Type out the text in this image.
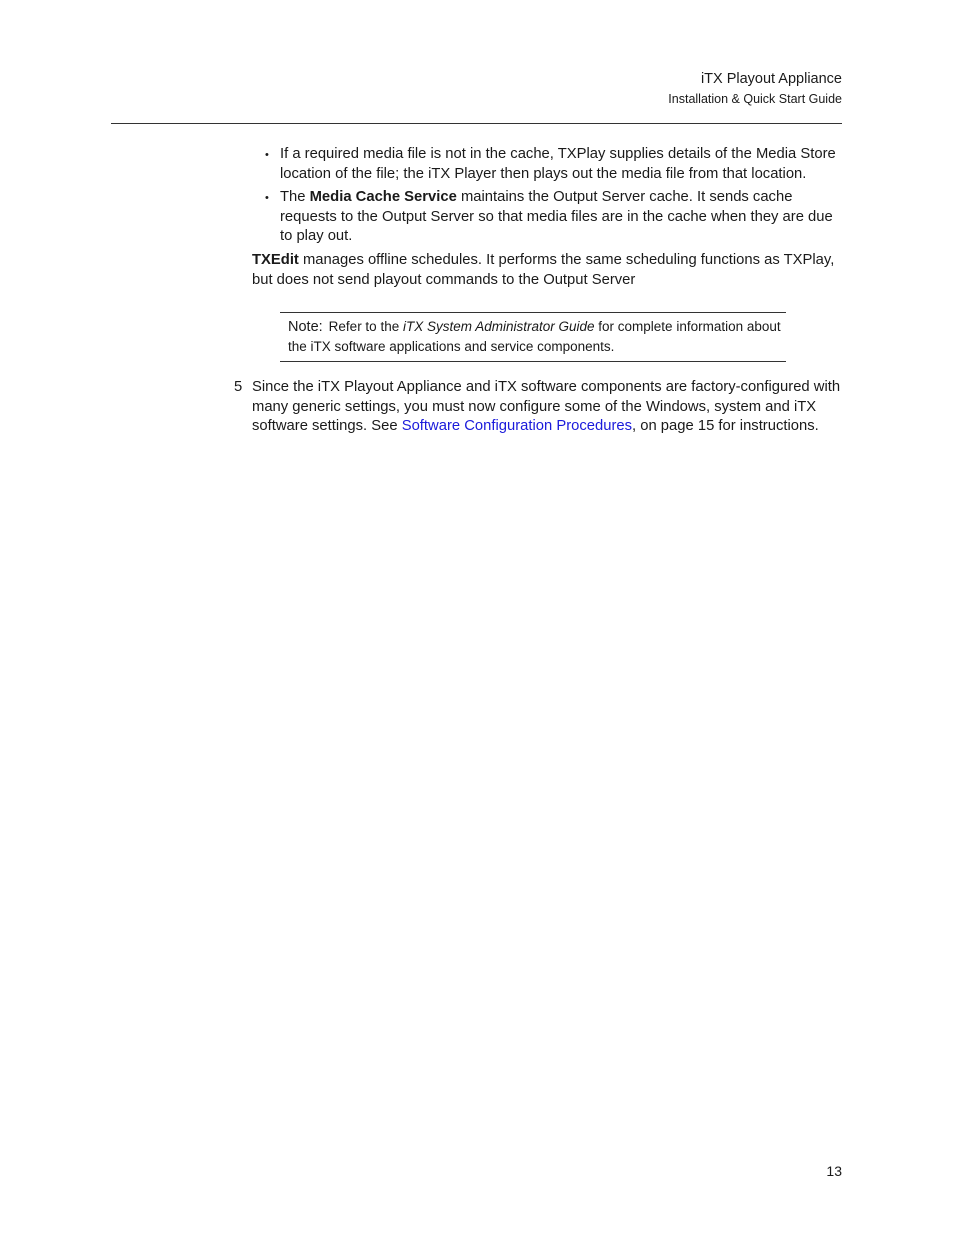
iTX Playout Appliance
Installation & Quick Start Guide
• If a required media file is not in the cache, TXPlay supplies details of the Media Store location of the file; the iTX Player then plays out the media file from that location.
• The Media Cache Service maintains the Output Server cache. It sends cache requests to the Output Server so that media files are in the cache when they are due to play out.

TXEdit manages offline schedules. It performs the same scheduling functions as TXPlay, but does not send playout commands to the Output Server

Note: Refer to the iTX System Administrator Guide for complete information about the iTX software applications and service components.
5 Since the iTX Playout Appliance and iTX software components are factory-configured with many generic settings, you must now configure some of the Windows, system and iTX software settings. See Software Configuration Procedures, on page 15 for instructions.
13
